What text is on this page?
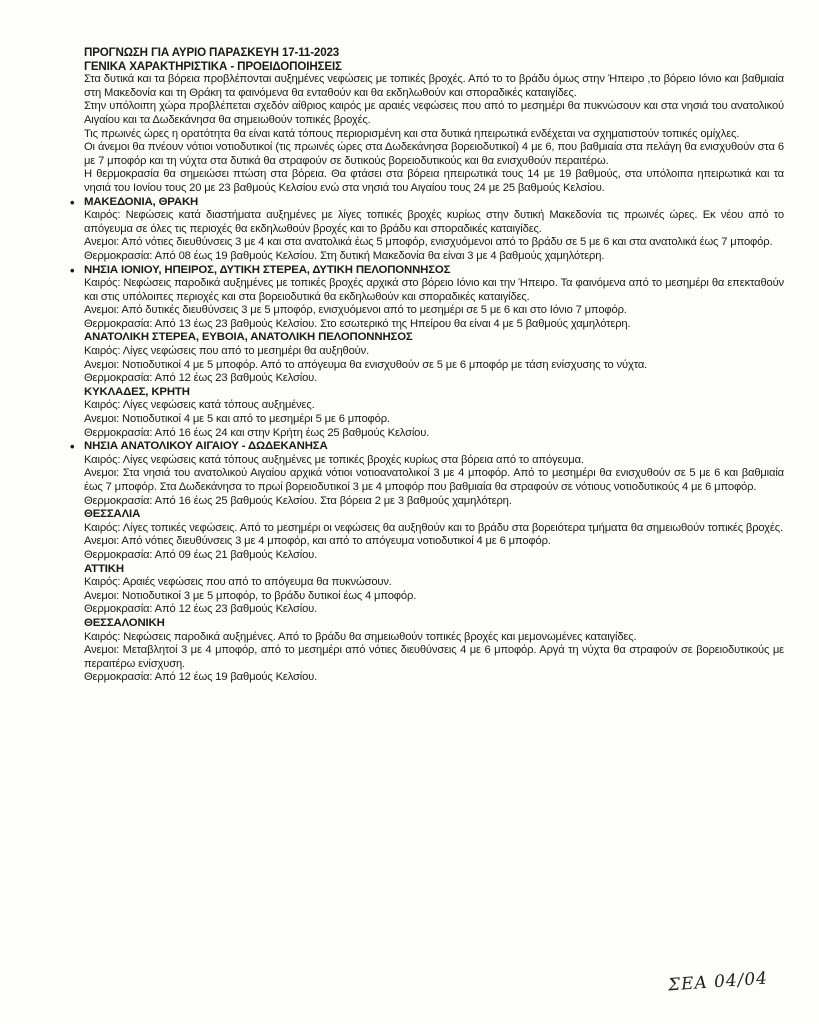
ΠΡΟΓΝΩΣΗ ΓΙΑ ΑΥΡΙΟ ΠΑΡΑΣΚΕΥΗ 17-11-2023

ΓΕΝΙΚΑ ΧΑΡΑΚΤΗΡΙΣΤΙΚΑ - ΠΡΟΕΙΔΟΠΟΙΗΣΕΙΣ

Στα δυτικά και τα βόρεια προβλέπονται αυξημένες νεφώσεις με τοπικές βροχές. Από το το βράδυ όμως στην Ήπειρο ,το βόρειο Ιόνιο και βαθμιαία στη Μακεδονία και τη Θράκη τα φαινόμενα θα ενταθούν και θα εκδηλωθούν και σποραδικές καταιγίδες.

Στην υπόλοιπη χώρα προβλέπεται σχεδόν αίθριος καιρός με αραιές νεφώσεις που από το μεσημέρι θα πυκνώσουν και στα νησιά του ανατολικού Αιγαίου και τα Δωδεκάνησα θα σημειωθούν τοπικές βροχές.

Τις πρωινές ώρες η ορατότητα θα είναι κατά τόπους περιορισμένη και στα δυτικά ηπειρωτικά ενδέχεται να σχηματιστούν τοπικές ομίχλες.

Οι άνεμοι θα πνέουν νότιοι νοτιοδυτικοί (τις πρωινές ώρες στα Δωδεκάνησα βορειοδυτικοί) 4 με 6, που βαθμιαία στα πελάγη θα ενισχυθούν στα 6 με 7 μποφόρ και τη νύχτα στα δυτικά θα στραφούν σε δυτικούς βορειοδυτικούς και θα ενισχυθούν περαιτέρω.

Η θερμοκρασία θα σημειώσει πτώση στα βόρεια. Θα φτάσει στα βόρεια ηπειρωτικά τους 14 με 19 βαθμούς, στα υπόλοιπα ηπειρωτικά και τα νησιά του Ιονίου τους 20 με 23 βαθμούς Κελσίου ενώ στα νησιά του Αιγαίου τους 24 με 25 βαθμούς Κελσίου.

• ΜΑΚΕΔΟΝΙΑ, ΘΡΑΚΗ

Καιρός: Νεφώσεις κατά διαστήματα αυξημένες με λίγες τοπικές βροχές κυρίως στην δυτική Μακεδονία τις πρωινές ώρες. Εκ νέου από το απόγευμα σε όλες τις περιοχές θα εκδηλωθούν βροχές και το βράδυ και σποραδικές καταιγίδες.

Ανεμοι: Από νότιες διευθύνσεις 3 με 4 και στα ανατολικά έως 5 μποφόρ, ενισχυόμενοι από το βράδυ σε 5 με 6 και στα ανατολικά έως 7 μποφόρ.

Θερμοκρασία: Από 08 έως 19 βαθμούς Κελσίου. Στη δυτική Μακεδονία θα είναι 3 με 4 βαθμούς χαμηλότερη.

• ΝΗΣΙΑ ΙΟΝΙΟΥ, ΗΠΕΙΡΟΣ, ΔΥΤΙΚΗ ΣΤΕΡΕΑ, ΔΥΤΙΚΗ ΠΕΛΟΠΟΝΝΗΣΟΣ

Καιρός: Νεφώσεις παροδικά αυξημένες με τοπικές βροχές αρχικά στο βόρειο Ιόνιο και την Ήπειρο. Τα φαινόμενα από το μεσημέρι θα επεκταθούν και στις υπόλοιπες περιοχές και στα βορειοδυτικά θα εκδηλωθούν και σποραδικές καταιγίδες.

Ανεμοι: Από δυτικές διευθύνσεις 3 με 5 μποφόρ, ενισχυόμενοι από το μεσημέρι σε 5 με 6 και στο Ιόνιο 7 μποφόρ.

Θερμοκρασία: Από 13 έως 23 βαθμούς Κελσίου. Στο εσωτερικό της Ηπείρου θα είναι 4 με 5 βαθμούς χαμηλότερη.

ΑΝΑΤΟΛΙΚΗ ΣΤΕΡΕΑ, ΕΥΒΟΙΑ, ΑΝΑΤΟΛΙΚΗ ΠΕΛΟΠΟΝΝΗΣΟΣ

Καιρός: Λίγες νεφώσεις που από το μεσημέρι θα αυξηθούν.

Ανεμοι: Νοτιοδυτικοί 4 με 5 μποφόρ. Από το απόγευμα θα ενισχυθούν σε 5 με 6 μποφόρ με τάση ενίσχυσης το νύχτα.

Θερμοκρασία: Από 12 έως 23 βαθμούς Κελσίου.

ΚΥΚΛΑΔΕΣ, ΚΡΗΤΗ

Καιρός: Λίγες νεφώσεις κατά τόπους αυξημένες.

Ανεμοι: Νοτιοδυτικοί 4 με 5 και από το μεσημέρι 5 με 6 μποφόρ.

Θερμοκρασία: Από 16 έως 24 και στην Κρήτη έως 25 βαθμούς Κελσίου.

• ΝΗΣΙΑ ΑΝΑΤΟΛΙΚΟΥ ΑΙΓΑΙΟΥ - ΔΩΔΕΚΑΝΗΣΑ

Καιρός: Λίγες νεφώσεις κατά τόπους αυξημένες με τοπικές βροχές κυρίως στα βόρεια από το απόγευμα.

Ανεμοι: Στα νησιά του ανατολικού Αιγαίου αρχικά νότιοι νοτιοανατολικοί 3 με 4 μποφόρ. Από το μεσημέρι θα ενισχυθούν σε 5 με 6 και βαθμιαία έως 7 μποφόρ. Στα Δωδεκάνησα το πρωί βορειοδυτικοί 3 με 4 μποφόρ που βαθμιαία θα στραφούν σε νότιους νοτιοδυτικούς 4 με 6 μποφόρ.

Θερμοκρασία: Από 16 έως 25 βαθμούς Κελσίου. Στα βόρεια 2 με 3 βαθμούς χαμηλότερη.

ΘΕΣΣΑΛΙΑ

Καιρός: Λίγες τοπικές νεφώσεις. Από το μεσημέρι οι νεφώσεις θα αυξηθούν και το βράδυ στα βορειότερα τμήματα θα σημειωθούν τοπικές βροχές.

Ανεμοι: Από νότιες διευθύνσεις 3 με 4 μποφόρ, και από το απόγευμα νοτιοδυτικοί 4 με 6 μποφόρ.

Θερμοκρασία: Από 09 έως 21 βαθμούς Κελσίου.

ΑΤΤΙΚΗ

Καιρός: Αραιές νεφώσεις που από το απόγευμα θα πυκνώσουν.

Ανεμοι: Νοτιοδυτικοί 3 με 5 μποφόρ, το βράδυ δυτικοί έως 4 μποφόρ.

Θερμοκρασία: Από 12 έως 23 βαθμούς Κελσίου.

ΘΕΣΣΑΛΟΝΙΚΗ

Καιρός: Νεφώσεις παροδικά αυξημένες. Από το βράδυ θα σημειωθούν τοπικές βροχές και μεμονωμένες καταιγίδες.

Ανεμοι: Μεταβλητοί 3 με 4 μποφόρ, από το μεσημέρι από νότιες διευθύνσεις 4 με 6 μποφόρ. Αργά τη νύχτα θα στραφούν σε βορειοδυτικούς με περαιτέρω ενίσχυση.

Θερμοκρασία: Από 12 έως 19 βαθμούς Κελσίου.

ΣΕΑ 04/04
